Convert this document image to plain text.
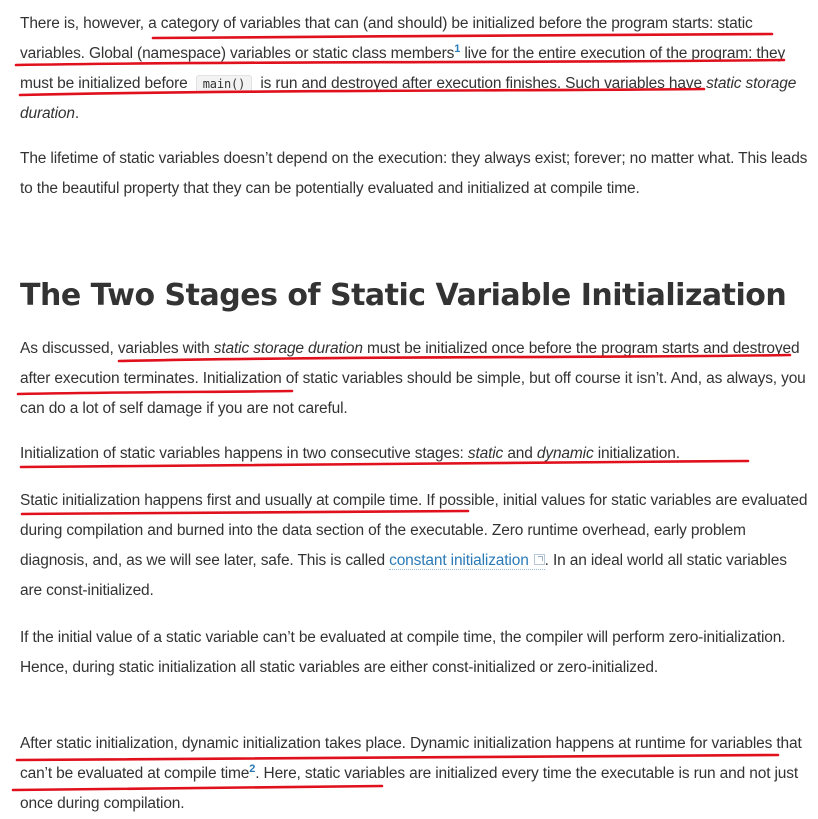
There is, however, a category of variables that can (and should) be initialized before the program starts: static variables. Global (namespace) variables or static class members$^1$ live for the entire execution of the program: they must be initialized before main() is run and destroyed after execution finishes. Such variables have static storage duration.

The lifetime of static variables doesn’t depend on the execution: they always exist; forever; no matter what. This leads to the beautiful property that they can be potentially evaluated and initialized at compile time.

The Two Stages of Static Variable Initialization

As discussed, variables with static storage duration must be initialized once before the program starts and destroyed after execution terminates. Initialization of static variables should be simple, but off course it isn’t. And, as always, you can do a lot of self damage if you are not careful.

Initialization of static variables happens in two consecutive stages: static and dynamic initialization.

Static initialization happens first and usually at compile time. If possible, initial values for static variables are evaluated during compilation and burned into the data section of the executable. Zero runtime overhead, early problem diagnosis, and, as we will see later, safe. This is called constant initialization . In an ideal world all static variables are const-initialized.

If the initial value of a static variable can’t be evaluated at compile time, the compiler will perform zero-initialization. Hence, during static initialization all static variables are either const-initialized or zero-initialized.

After static initialization, dynamic initialization takes place. Dynamic initialization happens at runtime for variables that can’t be evaluated at compile time$^2$. Here, static variables are initialized every time the executable is run and not just once during compilation.
